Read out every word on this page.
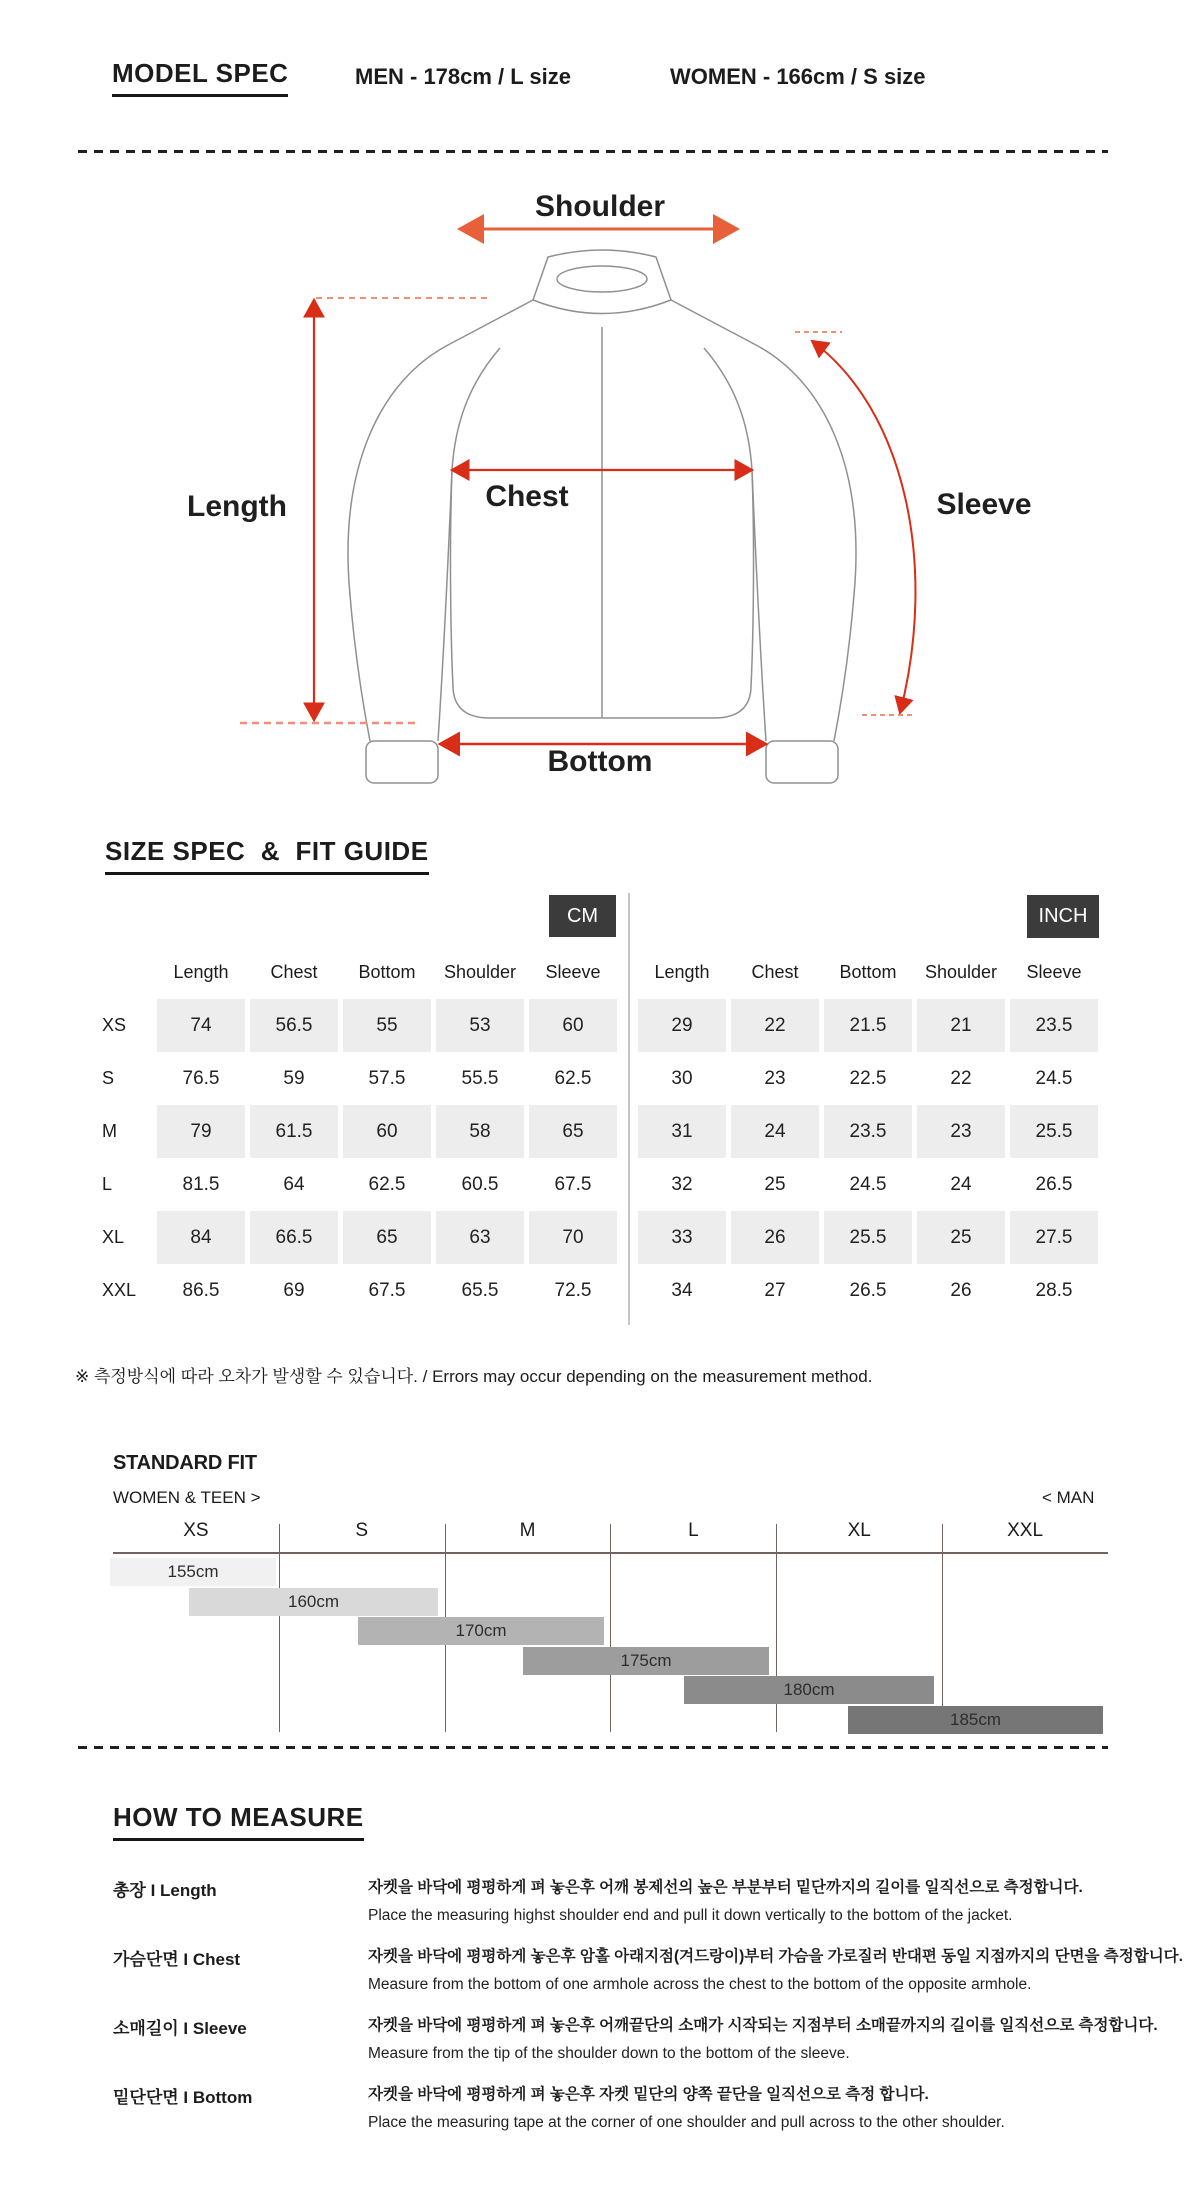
MODEL SPEC	MEN - 178cm / L size	WOMEN - 166cm / S size
Shoulder
Length	Chest	Sleeve
Bottom
SIZE SPEC  &  FIT GUIDE
CM	INCH
Length	Chest	Bottom	Shoulder	Sleeve
XS	74	56.5	55	53	60
S	76.5	59	57.5	55.5	62.5
M	79	61.5	60	58	65
L	81.5	64	62.5	60.5	67.5
XL	84	66.5	65	63	70
XXL	86.5	69	67.5	65.5	72.5
Length	Chest	Bottom	Shoulder	Sleeve
29	22	21.5	21	23.5
30	23	22.5	22	24.5
31	24	23.5	23	25.5
32	25	24.5	24	26.5
33	26	25.5	25	27.5
34	27	26.5	26	28.5
※ 측정방식에 따라 오차가 발생할 수 있습니다. / Errors may occur depending on the measurement method.
STANDARD FIT
WOMEN & TEEN >	< MAN
XS	S	M	L	XL	XXL
155cm
160cm
170cm
175cm
180cm
185cm
HOW TO MEASURE
총장 I Length	자켓을 바닥에 평평하게 펴 놓은후 어깨 봉제선의 높은 부분부터 밑단까지의 길이를 일직선으로 측정합니다.
Place the measuring highst shoulder end and pull it down vertically to the bottom of the jacket.
가슴단면 I Chest	자켓을 바닥에 평평하게 놓은후 암홀 아래지점(겨드랑이)부터 가슴을 가로질러 반대편 동일 지점까지의 단면을 측정합니다.
Measure from the bottom of one armhole across the chest to the bottom of the opposite armhole.
소매길이 I Sleeve	자켓을 바닥에 평평하게 펴 놓은후 어깨끝단의 소매가 시작되는 지점부터 소매끝까지의 길이를 일직선으로 측정합니다.
Measure from the tip of the shoulder down to the bottom of the sleeve.
밑단단면 I Bottom	자켓을 바닥에 평평하게 펴 놓은후 자켓 밑단의 양쪽 끝단을 일직선으로 측정 합니다.
Place the measuring tape at the corner of one shoulder and pull across to the other shoulder.
